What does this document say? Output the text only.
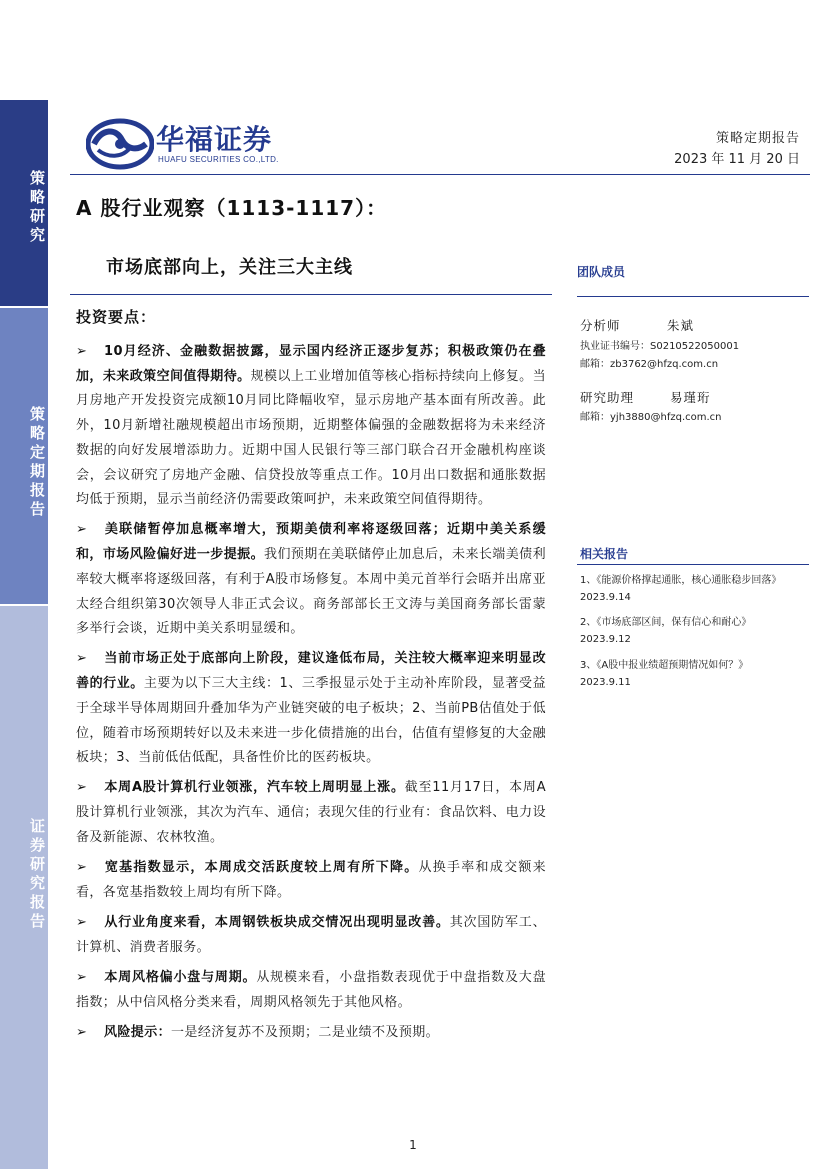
策略研究
策略定期报告
证券研究报告
华福证券
HUAFU SECURITIES CO.,LTD.
策略定期报告
2023 年 11 月 20 日
A 股行业观察（1113-1117）：
市场底部向上，关注三大主线
投资要点：
➢ 10月经济、金融数据披露，显示国内经济正逐步复苏；积极政策仍在叠加，未来政策空间值得期待。规模以上工业增加值等核心指标持续向上修复。当月房地产开发投资完成额10月同比降幅收窄，显示房地产基本面有所改善。此外，10月新增社融规模超出市场预期，近期整体偏强的金融数据将为未来经济数据的向好发展增添助力。近期中国人民银行等三部门联合召开金融机构座谈会，会议研究了房地产金融、信贷投放等重点工作。10月出口数据和通胀数据均低于预期，显示当前经济仍需要政策呵护，未来政策空间值得期待。
➢ 美联储暂停加息概率增大，预期美债利率将逐级回落；近期中美关系缓和，市场风险偏好进一步提振。我们预期在美联储停止加息后，未来长端美债利率较大概率将逐级回落，有利于A股市场修复。本周中美元首举行会晤并出席亚太经合组织第30次领导人非正式会议。商务部部长王文涛与美国商务部长雷蒙多举行会谈，近期中美关系明显缓和。
➢ 当前市场正处于底部向上阶段，建议逢低布局，关注较大概率迎来明显改善的行业。主要为以下三大主线：1、三季报显示处于主动补库阶段，显著受益于全球半导体周期回升叠加华为产业链突破的电子板块；2、当前PB估值处于低位，随着市场预期转好以及未来进一步化债措施的出台，估值有望修复的大金融板块；3、当前低估低配，具备性价比的医药板块。
➢ 本周A股计算机行业领涨，汽车较上周明显上涨。截至11月17日，本周A股计算机行业领涨，其次为汽车、通信；表现欠佳的行业有：食品饮料、电力设备及新能源、农林牧渔。
➢ 宽基指数显示，本周成交活跃度较上周有所下降。从换手率和成交额来看，各宽基指数较上周均有所下降。
➢ 从行业角度来看，本周钢铁板块成交情况出现明显改善。其次国防军工、计算机、消费者服务。
➢ 本周风格偏小盘与周期。从规模来看，小盘指数表现优于中盘指数及大盘指数；从中信风格分类来看，周期风格领先于其他风格。
➢ 风险提示：一是经济复苏不及预期；二是业绩不及预期。
团队成员
分析师	朱斌
执业证书编号：S0210522050001
邮箱：zb3762@hfzq.com.cn
研究助理	易瑾珩
邮箱：yjh3880@hfzq.com.cn
相关报告
1、《能源价格撑起通胀，核心通胀稳步回落》
2023.9.14
2、《市场底部区间，保有信心和耐心》
2023.9.12
3、《A股中报业绩超预期情况如何？》
2023.9.11
1
